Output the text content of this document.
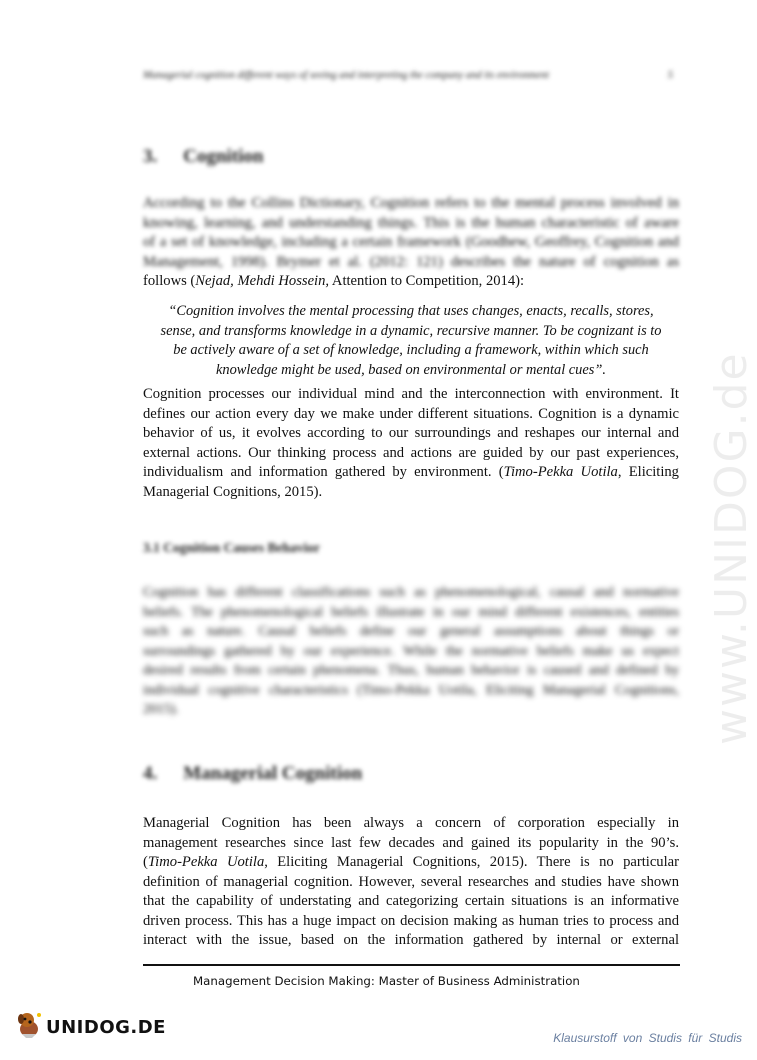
Managerial cognition different ways of seeing and interpreting the company and its environment	5
3. Cognition
According to the Collins Dictionary, Cognition refers to the mental process involved in
knowing, learning, and understanding things. This is the human characteristic of aware
of a set of knowledge, including a certain framework (Goodhew, Geoffrey, Cognition and
Management, 1998). Brymer et al. (2012: 121) describes the nature of cognition as
follows (Nejad, Mehdi Hossein, Attention to Competition, 2014):
“Cognition involves the mental processing that uses changes, enacts, recalls, stores,
sense, and transforms knowledge in a dynamic, recursive manner. To be cognizant is to
be actively aware of a set of knowledge, including a framework, within which such
knowledge might be used, based on environmental or mental cues”.
Cognition processes our individual mind and the interconnection with environment. It
defines our action every day we make under different situations. Cognition is a dynamic
behavior of us, it evolves according to our surroundings and reshapes our internal and
external actions. Our thinking process and actions are guided by our past experiences,
individualism and information gathered by environment. (Timo-Pekka Uotila, Eliciting
Managerial Cognitions, 2015).
3.1 Cognition Causes Behavior
Cognition has different classifications such as phenomenological, causal and normative
beliefs. The phenomenological beliefs illustrate in our mind different existences, entities
such as nature. Causal beliefs define our general assumptions about things or
surroundings gathered by our experience. While the normative beliefs make us expect
desired results from certain phenomena. Thus, human behavior is caused and defined by
individual cognitive characteristics (Timo-Pekka Uotila, Eliciting Managerial Cognitions,
2015).
4. Managerial Cognition
Managerial Cognition has been always a concern of corporation especially in
management researches since last few decades and gained its popularity in the 90’s.
(Timo-Pekka Uotila, Eliciting Managerial Cognitions, 2015). There is no particular
definition of managerial cognition. However, several researches and studies have shown
that the capability of understating and categorizing certain situations is an informative
driven process. This has a huge impact on decision making as human tries to process and
interact with the issue, based on the information gathered by internal or external
Management Decision Making: Master of Business Administration
www.UNIDOG.de
UNIDOG.DE	Klausurstoff von Studis für Studis
